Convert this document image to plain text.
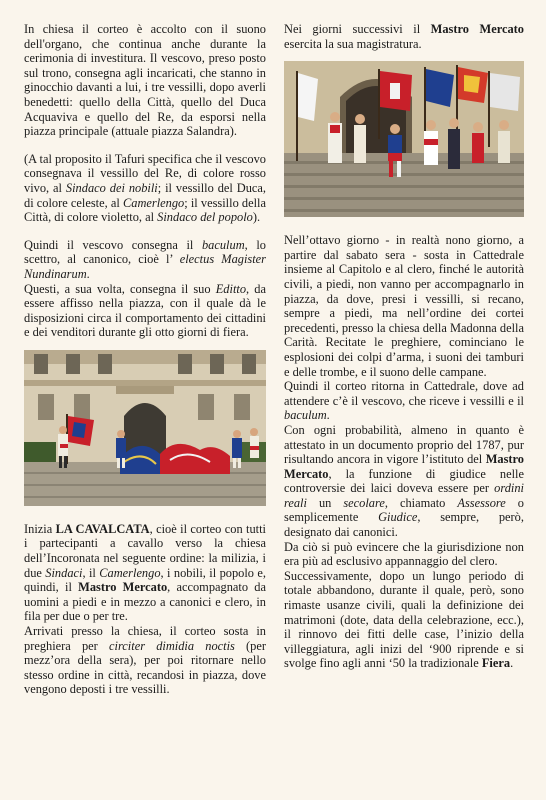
In chiesa il corteo è accolto con il suono dell'organo, che continua anche durante la cerimonia di investitura. Il vescovo, preso posto sul trono, consegna agli incaricati, che stanno in ginocchio davanti a lui, i tre vessilli, dopo averli benedetti: quello della Città, quello del Duca Acquaviva e quello del Re, da esporsi nella piazza principale (attuale piazza Salandra).

(A tal proposito il Tafuri specifica che il vescovo consegnava il vessillo del Re, di colore rosso vivo, al Sindaco dei nobili; il vessillo del Duca, di colore celeste, al Camerlengo; il vessillo della Città, di colore violetto, al Sindaco del popolo).

Quindi il vescovo consegna il baculum, lo scettro, al canonico, cioè l’ electus Magister Nundinarum.

Questi, a sua volta, consegna il suo Editto, da essere affisso nella piazza, con il quale dà le disposizioni circa il comportamento dei cittadini e dei venditori durante gli otto giorni di fiera.

Inizia LA CAVALCATA, cioè il corteo con tutti i partecipanti a cavallo verso la chiesa dell’Incoronata nel seguente ordine: la milizia, i due Sindaci, il Camerlengo, i nobili, il popolo e, quindi, il Mastro Mercato, accompagnato da uomini a piedi e in mezzo a canonici e clero, in fila per due o per tre.

Arrivati presso la chiesa, il corteo sosta in preghiera per circiter dimidia noctis (per mezz’ora della sera), per poi ritornare nello stesso ordine in città, recandosi in piazza, dove vengono deposti i tre vessilli.

Nei giorni successivi il Mastro Mercato esercita la sua magistratura.

Nell’ottavo giorno - in realtà nono giorno, a partire dal sabato sera - sosta in Cattedrale insieme al Capitolo e al clero, finché le autorità civili, a piedi, non vanno per accompagnarlo in piazza, da dove, presi i vessilli, si recano, sempre a piedi, ma nell’ordine dei cortei precedenti, presso la chiesa della Madonna della Carità. Recitate le preghiere, cominciano le esplosioni dei colpi d’arma, i suoni dei tamburi e delle trombe, e il suono delle campane.

Quindi il corteo ritorna in Cattedrale, dove ad attendere c’è il vescovo, che riceve i vessilli e il baculum.

Con ogni probabilità, almeno in quanto è attestato in un documento proprio del 1787, pur risultando ancora in vigore l’istituto del Mastro Mercato, la funzione di giudice nelle controversie dei laici doveva essere per ordini reali un secolare, chiamato Assessore o semplicemente Giudice, sempre, però, designato dai canonici.

Da ciò si può evincere che la giurisdizione non era più ad esclusivo appannaggio del clero.

Successivamente, dopo un lungo periodo di totale abbandono, durante il quale, però, sono rimaste usanze civili, quali la definizione dei matrimoni (dote, data della celebrazione, ecc.), il rinnovo dei fitti delle case, l’inizio della villeggiatura, agli inizi del ‘900 riprende e si svolge fino agli anni ‘50 la tradizionale Fiera.
